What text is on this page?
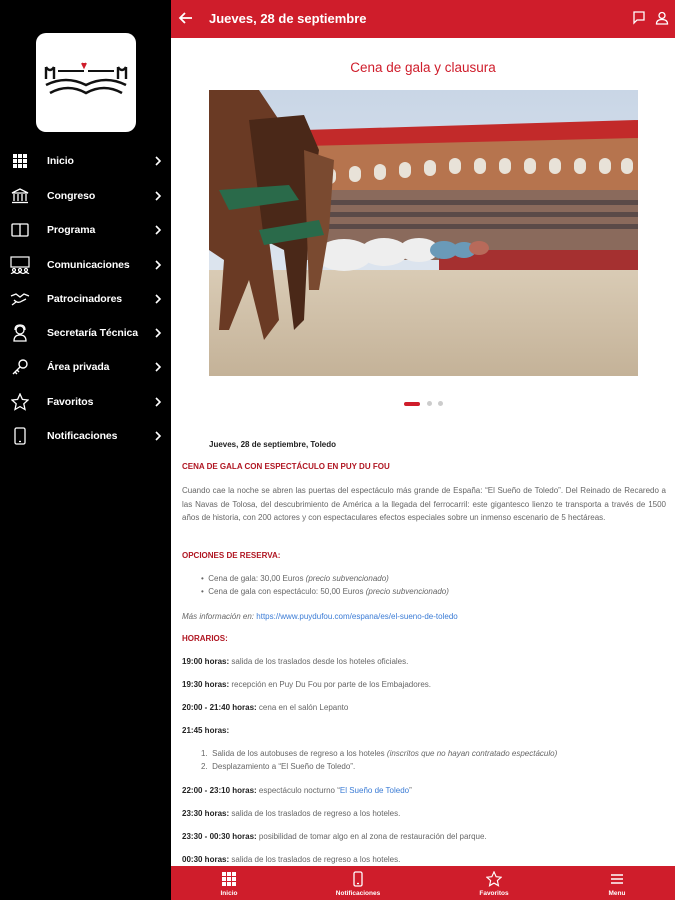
Inicio
Congreso
Programa
Comunicaciones
Patrocinadores
Secretaría Técnica
Área privada
Favoritos
Notificaciones
Jueves, 28 de septiembre
Cena de gala y clausura
Jueves, 28 de septiembre, Toledo
CENA DE GALA CON ESPECTÁCULO EN PUY DU FOU
Cuando cae la noche se abren las puertas del espectáculo más grande de España: “El Sueño de Toledo”. Del Reinado de Recaredo a las Navas de Tolosa, del descubrimiento de América a la llegada del ferrocarril: este gigantesco lienzo te transporta a través de 1500 años de historia, con 200 actores y con espectaculares efectos especiales sobre un inmenso escenario de 5 hectáreas.
OPCIONES DE RESERVA:
• Cena de gala: 30,00 Euros (precio subvencionado)
• Cena de gala con espectáculo: 50,00 Euros (precio subvencionado)
Más información en: https://www.puydufou.com/espana/es/el-sueno-de-toledo
HORARIOS:
19:00 horas: salida de los traslados desde los hoteles oficiales.
19:30 horas: recepción en Puy Du Fou por parte de los Embajadores.
20:00 - 21:40 horas: cena en el salón Lepanto
21:45 horas:
1.  Salida de los autobuses de regreso a los hoteles (inscritos que no hayan contratado espectáculo)
2.  Desplazamiento a “El Sueño de Toledo”.
22:00 - 23:10 horas: espectáculo nocturno “El Sueño de Toledo”
23:30 horas: salida de los traslados de regreso a los hoteles.
23:30 - 00:30 horas: posibilidad de tomar algo en al zona de restauración del parque.
00:30 horas: salida de los traslados de regreso a los hoteles.
Inicio	Notificaciones	Favoritos	Menu
